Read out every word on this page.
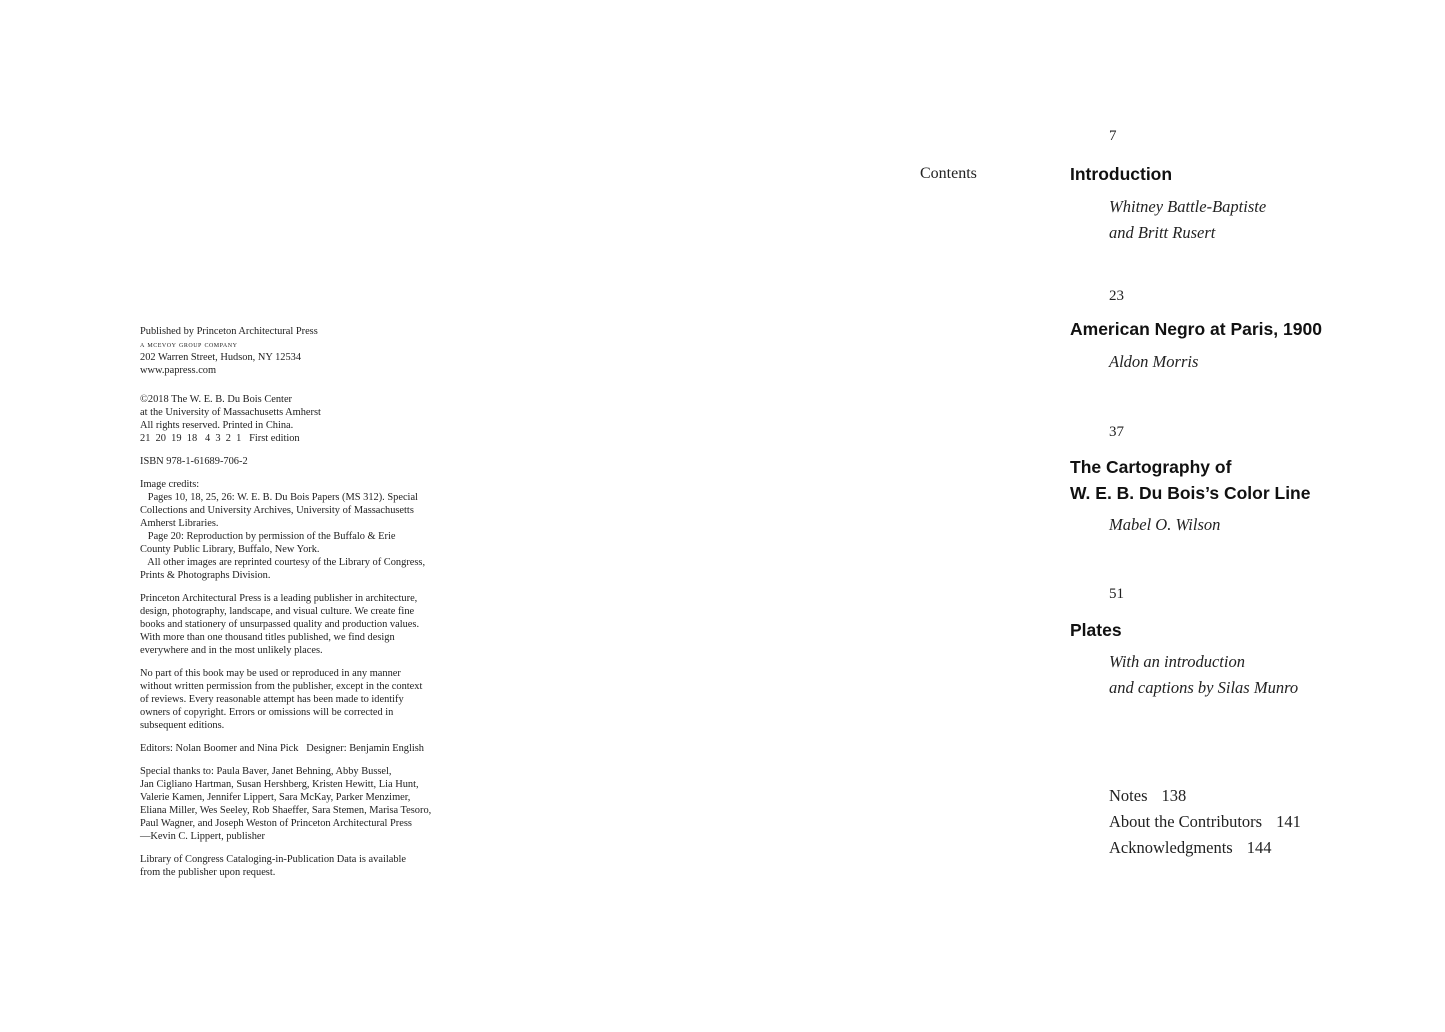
Published by Princeton Architectural Press
a mcevoy group company
202 Warren Street, Hudson, NY 12534
www.papress.com
©2018 The W. E. B. Du Bois Center
at the University of Massachusetts Amherst
All rights reserved. Printed in China.
21  20  19  18   4  3  2  1   First edition
ISBN 978-1-61689-706-2
Image credits:
Pages 10, 18, 25, 26: W. E. B. Du Bois Papers (MS 312). Special
Collections and University Archives, University of Massachusetts
Amherst Libraries.
Page 20: Reproduction by permission of the Buffalo & Erie
County Public Library, Buffalo, New York.
All other images are reprinted courtesy of the Library of Congress,
Prints & Photographs Division.
Princeton Architectural Press is a leading publisher in architecture,
design, photography, landscape, and visual culture. We create fine
books and stationery of unsurpassed quality and production values.
With more than one thousand titles published, we find design
everywhere and in the most unlikely places.
No part of this book may be used or reproduced in any manner
without written permission from the publisher, except in the context
of reviews. Every reasonable attempt has been made to identify
owners of copyright. Errors or omissions will be corrected in
subsequent editions.
Editors: Nolan Boomer and Nina Pick   Designer: Benjamin English
Special thanks to: Paula Baver, Janet Behning, Abby Bussel,
Jan Cigliano Hartman, Susan Hershberg, Kristen Hewitt, Lia Hunt,
Valerie Kamen, Jennifer Lippert, Sara McKay, Parker Menzimer,
Eliana Miller, Wes Seeley, Rob Shaeffer, Sara Stemen, Marisa Tesoro,
Paul Wagner, and Joseph Weston of Princeton Architectural Press
—Kevin C. Lippert, publisher
Library of Congress Cataloging-in-Publication Data is available
from the publisher upon request.
Contents
7
Introduction
Whitney Battle-Baptiste
and Britt Rusert
23
American Negro at Paris, 1900
Aldon Morris
37
The Cartography of
W. E. B. Du Bois’s Color Line
Mabel O. Wilson
51
Plates
With an introduction
and captions by Silas Munro
Notes 138
About the Contributors 141
Acknowledgments 144
